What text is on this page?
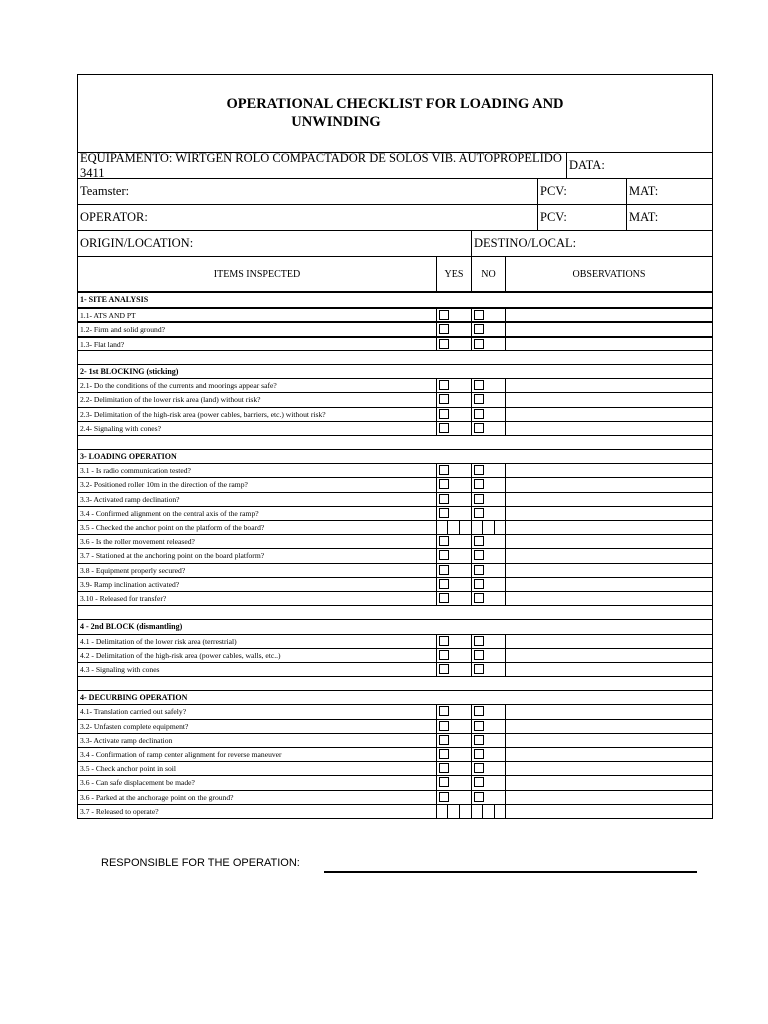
OPERATIONAL CHECKLIST FOR LOADING AND
UNWINDING
EQUIPAMENTO: WIRTGEN ROLO COMPACTADOR DE SOLOS VIB. AUTOPROPELIDO 3411
DATA:
Teamster:	PCV:	MAT:
OPERATOR:	PCV:	MAT:
ORIGIN/LOCATION:	DESTINO/LOCAL:
ITEMS INSPECTED	YES	NO	OBSERVATIONS
1- SITE ANALYSIS
1.1- ATS AND PT
1.2- Firm and solid ground?
1.3- Flat land?
2- 1st BLOCKING (sticking)
2.1- Do the conditions of the currents and moorings appear safe?
2.2- Delimitation of the lower risk area (land) without risk?
2.3- Delimitation of the high-risk area (power cables, barriers, etc.) without risk?
2.4- Signaling with cones?
3- LOADING OPERATION
3.1 - Is radio communication tested?
3.2- Positioned roller 10m in the direction of the ramp?
3.3- Activated ramp declination?
3.4 - Confirmed alignment on the central axis of the ramp?
3.5 - Checked the anchor point on the platform of the board?
3.6 - Is the roller movement released?
3.7 - Stationed at the anchoring point on the board platform?
3.8 - Equipment properly secured?
3.9- Ramp inclination activated?
3.10 - Released for transfer?
4 - 2nd BLOCK (dismantling)
4.1 - Delimitation of the lower risk area (terrestrial)
4.2 - Delimitation of the high-risk area (power cables, walls, etc..)
4.3 - Signaling with cones
4- DECURBING OPERATION
4.1- Translation carried out safely?
3.2- Unfasten complete equipment?
3.3- Activate ramp declination
3.4 - Confirmation of ramp center alignment for reverse maneuver
3.5 - Check anchor point in soil
3.6 - Can safe displacement be made?
3.6 - Parked at the anchorage point on the ground?
3.7 - Released to operate?
RESPONSIBLE FOR THE OPERATION:
